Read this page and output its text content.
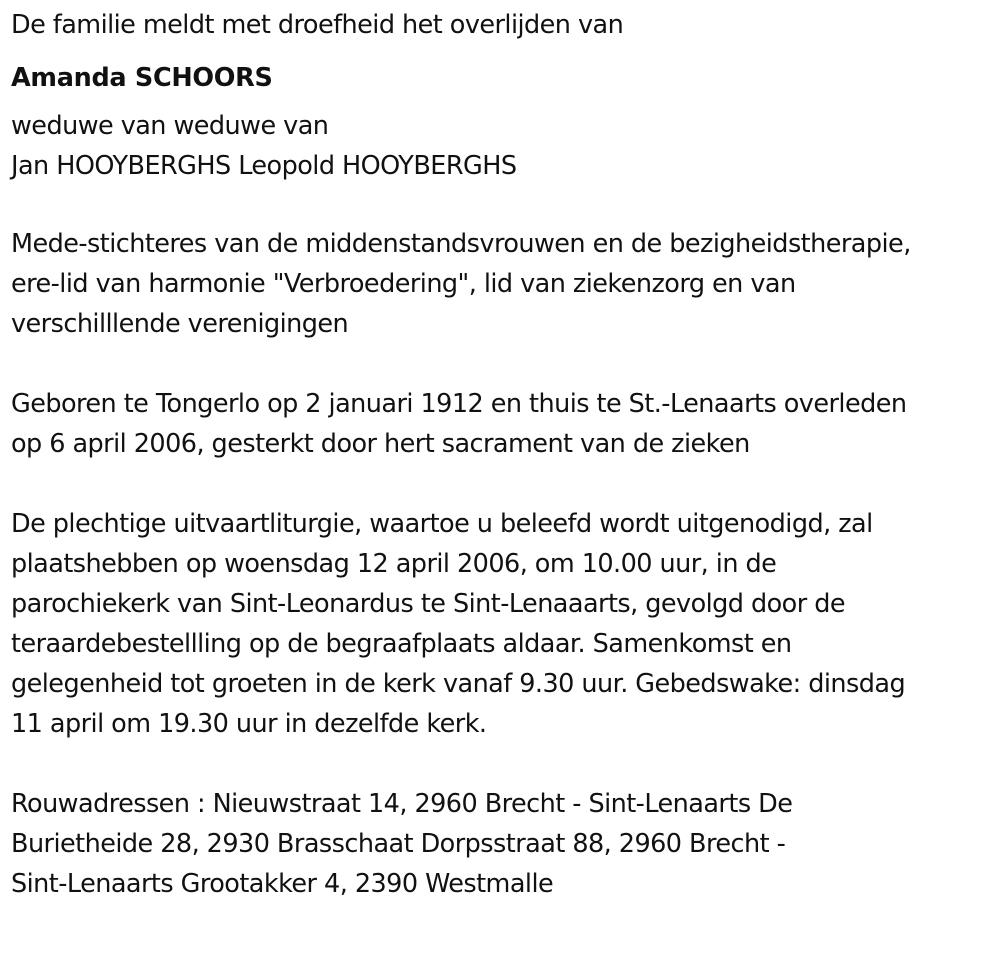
De familie meldt met droefheid het overlijden van
Amanda SCHOORS
weduwe van weduwe van
Jan HOOYBERGHS Leopold HOOYBERGHS
Mede-stichteres van de middenstandsvrouwen en de bezigheidstherapie,
ere-lid van harmonie "Verbroedering", lid van ziekenzorg en van
verschilllende verenigingen
Geboren te Tongerlo op 2 januari 1912 en thuis te St.-Lenaarts overleden
op 6 april 2006, gesterkt door hert sacrament van de zieken
De plechtige uitvaartliturgie, waartoe u beleefd wordt uitgenodigd, zal
plaatshebben op woensdag 12 april 2006, om 10.00 uur, in de
parochiekerk van Sint-Leonardus te Sint-Lenaaarts, gevolgd door de
teraardebestellling op de begraafplaats aldaar. Samenkomst en
gelegenheid tot groeten in de kerk vanaf 9.30 uur. Gebedswake: dinsdag
11 april om 19.30 uur in dezelfde kerk.
Rouwadressen : Nieuwstraat 14, 2960 Brecht - Sint-Lenaarts De
Burietheide 28, 2930 Brasschaat Dorpsstraat 88, 2960 Brecht -
Sint-Lenaarts Grootakker 4, 2390 Westmalle
